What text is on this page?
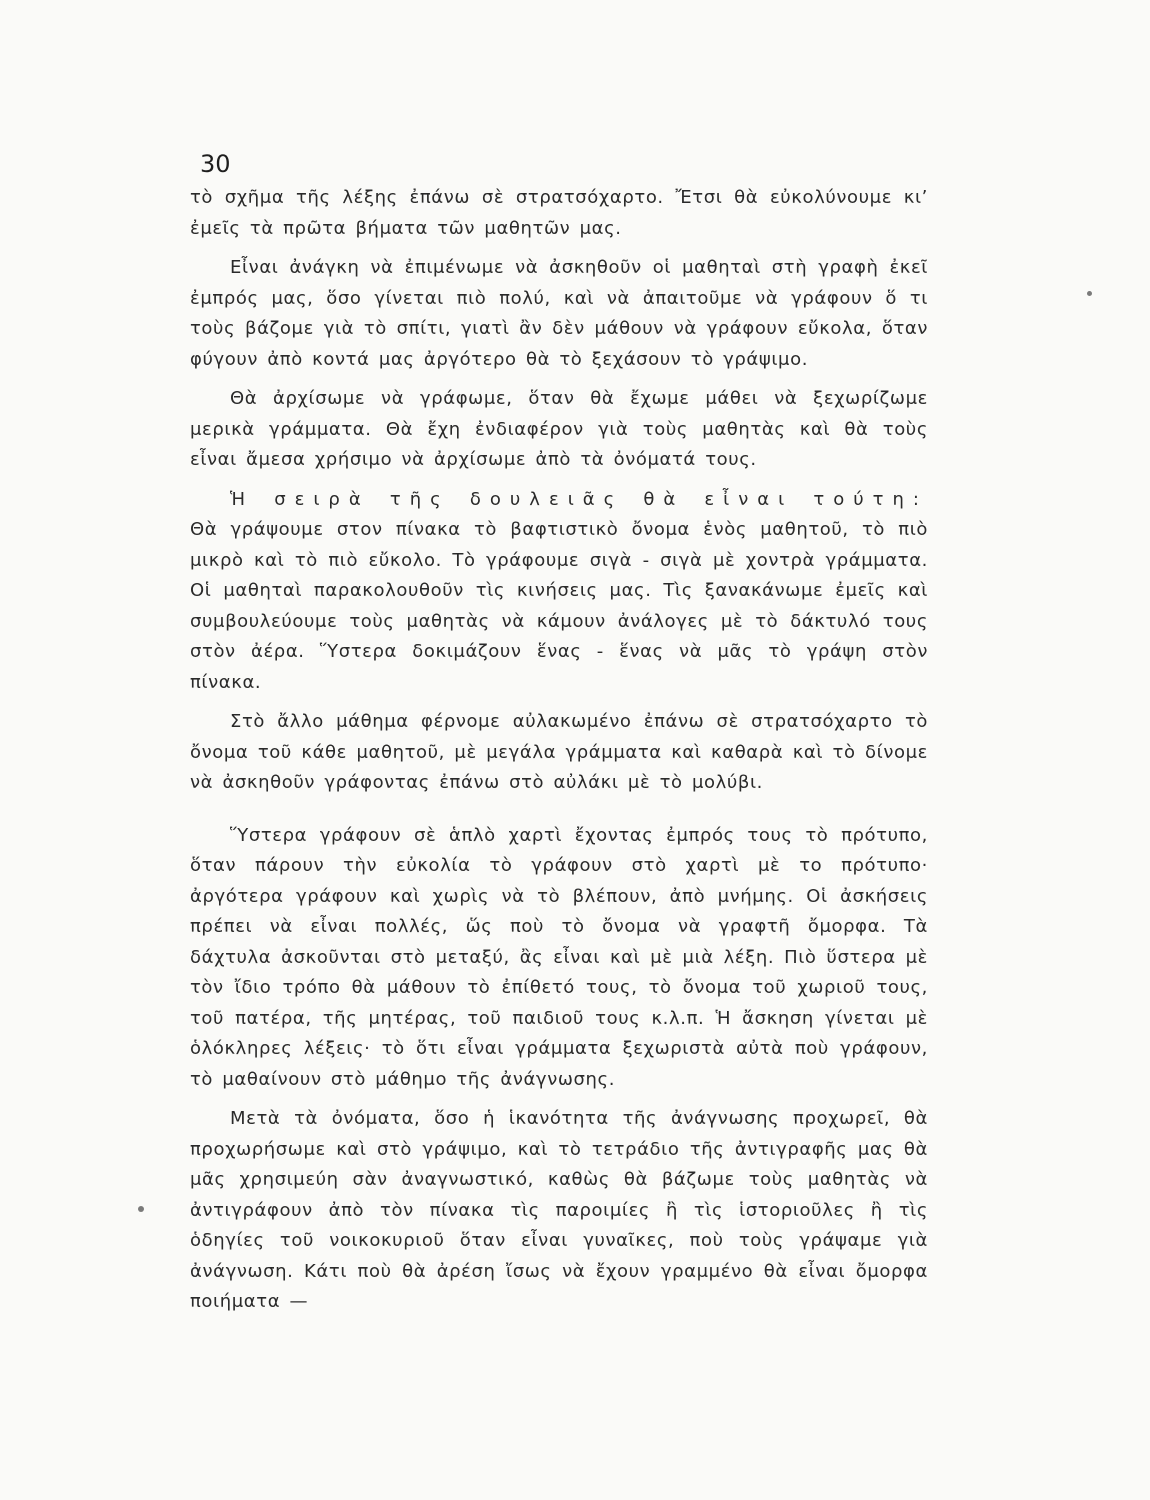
30

τὸ σχῆμα τῆς λέξης ἐπάνω σὲ στρατσόχαρτο. Ἔτσι θὰ εὐκολύνουμε κι’ ἐμεῖς τὰ πρῶτα βήματα τῶν μαθητῶν μας.

Εἶναι ἀνάγκη νὰ ἐπιμένωμε νὰ ἀσκηθοῦν οἱ μαθηταὶ στὴ γραφὴ ἐκεῖ ἐμπρός μας, ὅσο γίνεται πιὸ πολύ, καὶ νὰ ἀπαιτοῦμε νὰ γράφουν ὅ τι τοὺς βάζομε γιὰ τὸ σπίτι, γιατὶ ἂν δὲν μάθουν νὰ γράφουν εὔκολα, ὅταν φύγουν ἀπὸ κοντά μας ἀργότερο θὰ τὸ ξεχάσουν τὸ γράψιμο.

Θὰ ἀρχίσωμε νὰ γράφωμε, ὅταν θὰ ἔχωμε μάθει νὰ ξεχωρίζωμε μερικὰ γράμματα. Θὰ ἔχη ἐνδιαφέρον γιὰ τοὺς μαθητὰς καὶ θὰ τοὺς εἶναι ἄμεσα χρήσιμο νὰ ἀρχίσωμε ἀπὸ τὰ ὀνόματά τους.

Ἡ σειρὰ τῆς δουλειᾶς θὰ εἶναι τούτη: Θὰ γράψουμε στον πίνακα τὸ βαφτιστικὸ ὄνομα ἑνὸς μαθητοῦ, τὸ πιὸ μικρὸ καὶ τὸ πιὸ εὔκολο. Τὸ γράφουμε σιγὰ - σιγὰ μὲ χοντρὰ γράμματα. Οἱ μαθηταὶ παρακολουθοῦν τὶς κινήσεις μας. Τὶς ξανακάνωμε ἐμεῖς καὶ συμβουλεύουμε τοὺς μαθητὰς νὰ κάμουν ἀνάλογες μὲ τὸ δάκτυλό τους στὸν ἀέρα. Ὕστερα δοκιμάζουν ἕνας - ἕνας νὰ μᾶς τὸ γράψη στὸν πίνακα.

Στὸ ἄλλο μάθημα φέρνομε αὐλακωμένο ἐπάνω σὲ στρατσόχαρτο τὸ ὄνομα τοῦ κάθε μαθητοῦ, μὲ μεγάλα γράμματα καὶ καθαρὰ καὶ τὸ δίνομε νὰ ἀσκηθοῦν γράφοντας ἐπάνω στὸ αὐλάκι μὲ τὸ μολύβι.

Ὕστερα γράφουν σὲ ἁπλὸ χαρτὶ ἔχοντας ἐμπρός τους τὸ πρότυπο, ὅταν πάρουν τὴν εὐκολία τὸ γράφουν στὸ χαρτὶ μὲ το πρότυπο· ἀργότερα γράφουν καὶ χωρὶς νὰ τὸ βλέπουν, ἀπὸ μνήμης. Οἱ ἀσκήσεις πρέπει νὰ εἶναι πολλές, ὥς ποὺ τὸ ὄνομα νὰ γραφτῆ ὄμορφα. Τὰ δάχτυλα ἀσκοῦνται στὸ μεταξύ, ἂς εἶναι καὶ μὲ μιὰ λέξη. Πιὸ ὕστερα μὲ τὸν ἴδιο τρόπο θὰ μάθουν τὸ ἐπίθετό τους, τὸ ὄνομα τοῦ χωριοῦ τους, τοῦ πατέρα, τῆς μητέρας, τοῦ παιδιοῦ τους κ.λ.π. Ἡ ἄσκηση γίνεται μὲ ὁλόκληρες λέξεις· τὸ ὅτι εἶναι γράμματα ξεχωριστὰ αὐτὰ ποὺ γράφουν, τὸ μαθαίνουν στὸ μάθημο τῆς ἀνάγνωσης.

Μετὰ τὰ ὀνόματα, ὅσο ἡ ἱκανότητα τῆς ἀνάγνωσης προχωρεῖ, θὰ προχωρήσωμε καὶ στὸ γράψιμο, καὶ τὸ τετράδιο τῆς ἀντιγραφῆς μας θὰ μᾶς χρησιμεύη σὰν ἀναγνωστικό, καθὼς θὰ βάζωμε τοὺς μαθητὰς νὰ ἀντιγράφουν ἀπὸ τὸν πίνακα τὶς παροιμίες ἢ τὶς ἱστοριοῦλες ἢ τὶς ὁδηγίες τοῦ νοικοκυριοῦ ὅταν εἶναι γυναῖκες, ποὺ τοὺς γράψαμε γιὰ ἀνάγνωση. Κάτι ποὺ θὰ ἀρέση ἴσως νὰ ἔχουν γραμμένο θὰ εἶναι ὄμορφα ποιήματα —
